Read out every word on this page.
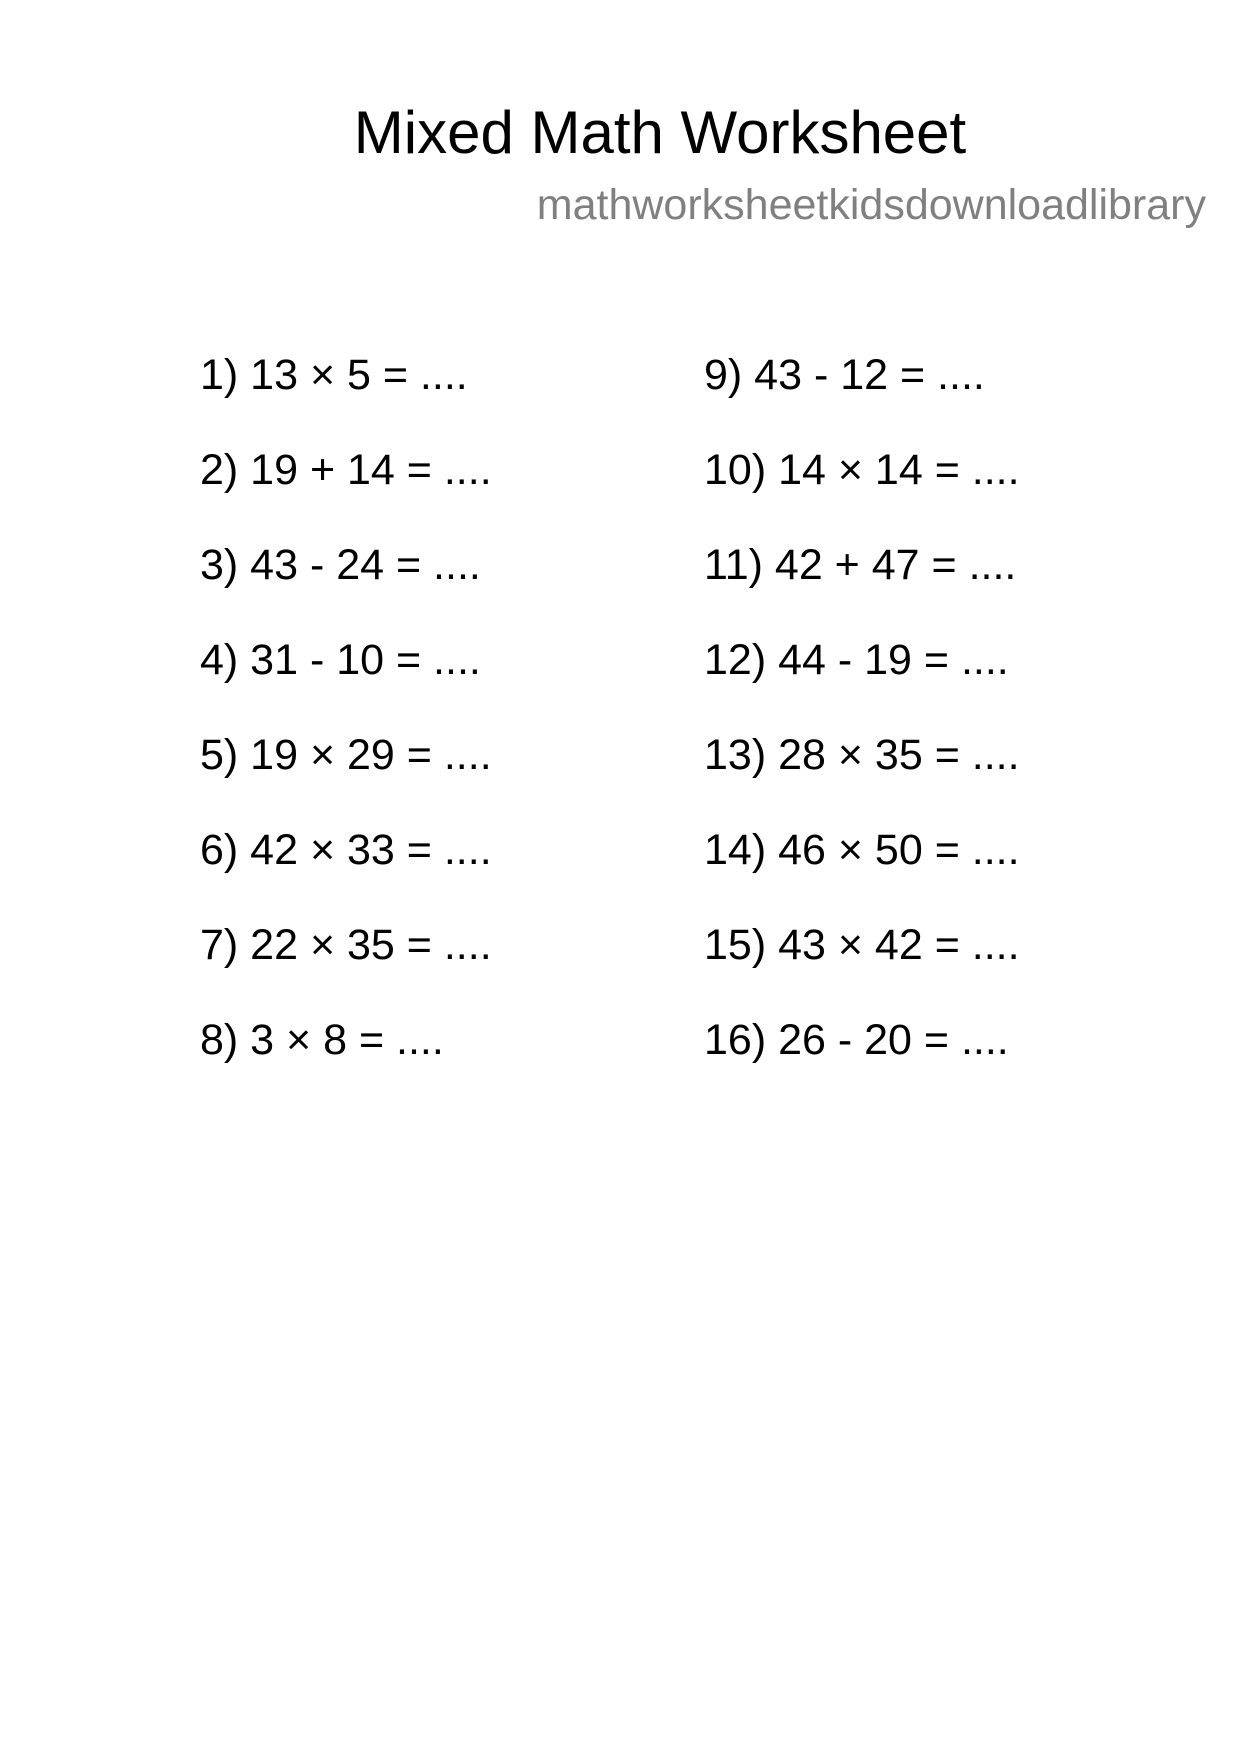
Mixed Math Worksheet
mathworksheetkidsdownloadlibrary
1) 13 × 5 = ....
2) 19 + 14 = ....
3) 43 - 24 = ....
4) 31 - 10 = ....
5) 19 × 29 = ....
6) 42 × 33 = ....
7) 22 × 35 = ....
8) 3 × 8 = ....
9) 43 - 12 = ....
10) 14 × 14 = ....
11) 42 + 47 = ....
12) 44 - 19 = ....
13) 28 × 35 = ....
14) 46 × 50 = ....
15) 43 × 42 = ....
16) 26 - 20 = ....
